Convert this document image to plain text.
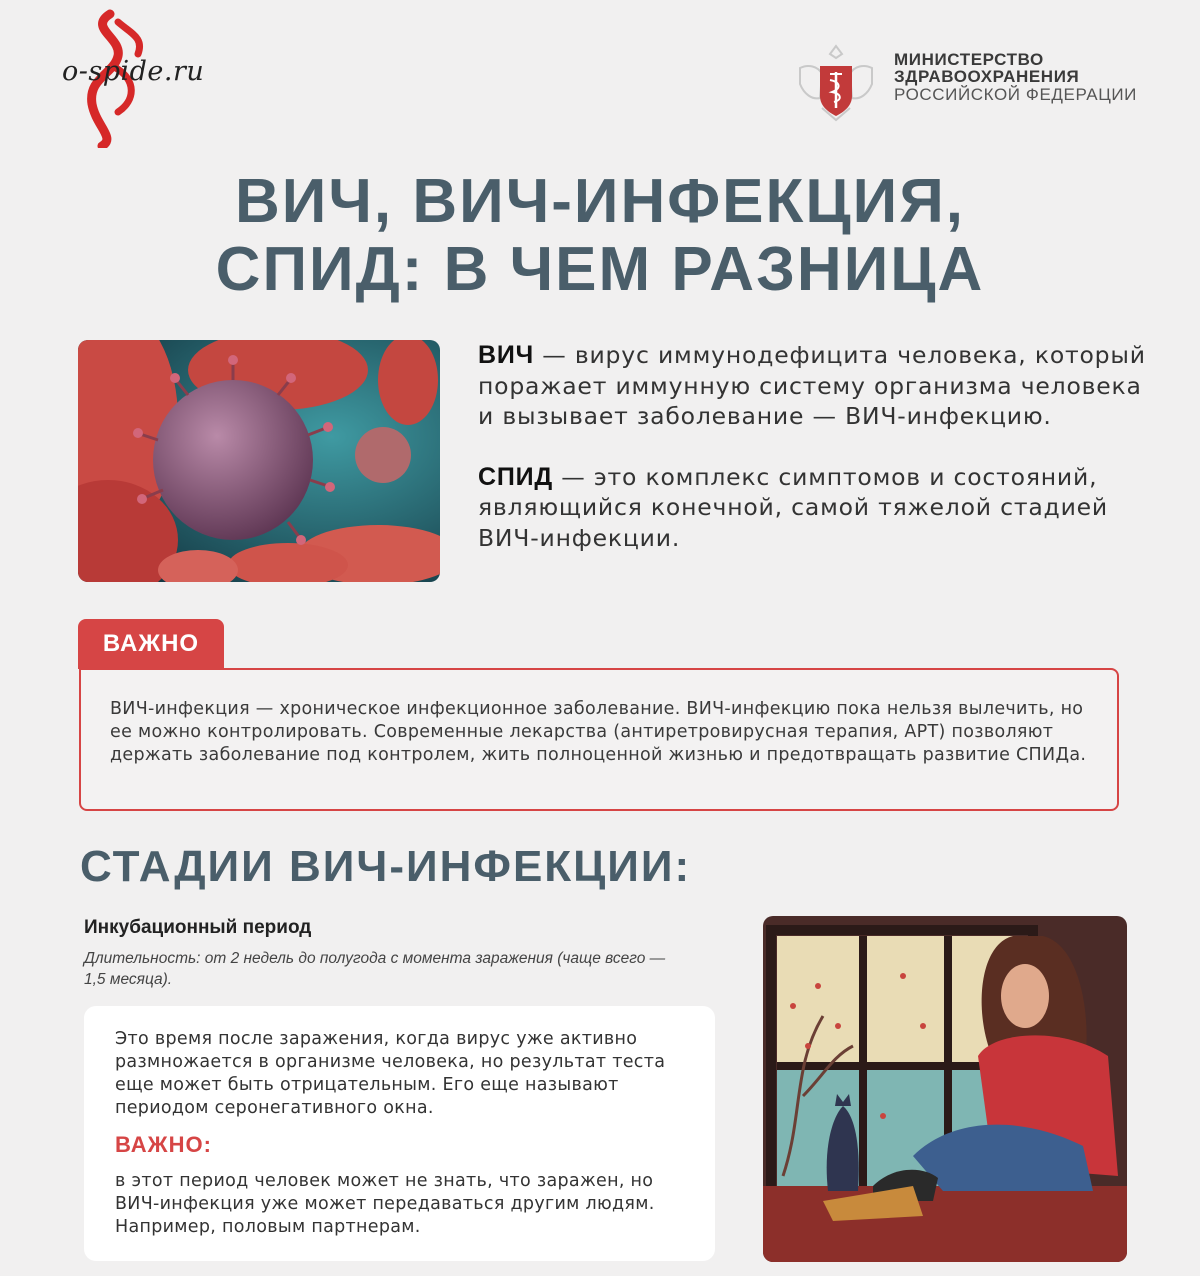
o-spide.ru	МИНИСТЕРСТВО
ЗДРАВООХРАНЕНИЯ
РОССИЙСКОЙ ФЕДЕРАЦИИ
ВИЧ, ВИЧ-ИНФЕКЦИЯ,
СПИД: В ЧЕМ РАЗНИЦА

ВИЧ — вирус иммунодефицита человека, который поражает иммунную систему организма человека и вызывает заболевание — ВИЧ-инфекцию.

СПИД — это комплекс симптомов и состояний, являющийся конечной, самой тяжелой стадией ВИЧ-инфекции.

ВАЖНО
ВИЧ-инфекция — хроническое инфекционное заболевание. ВИЧ-инфекцию пока нельзя вылечить, но ее можно контролировать. Современные лекарства (антиретровирусная терапия, АРТ) позволяют держать заболевание под контролем, жить полноценной жизнью и предотвращать развитие СПИДа.
СТАДИИ ВИЧ-ИНФЕКЦИИ:
Инкубационный период
Длительность: от 2 недель до полугода с момента заражения (чаще всего — 1,5 месяца).
Это время после заражения, когда вирус уже активно размножается в организме человека, но результат теста еще может быть отрицательным. Его еще называют периодом серонегативного окна.
ВАЖНО:
в этот период человек может не знать, что заражен, но ВИЧ-инфекция уже может передаваться другим людям. Например, половым партнерам.
